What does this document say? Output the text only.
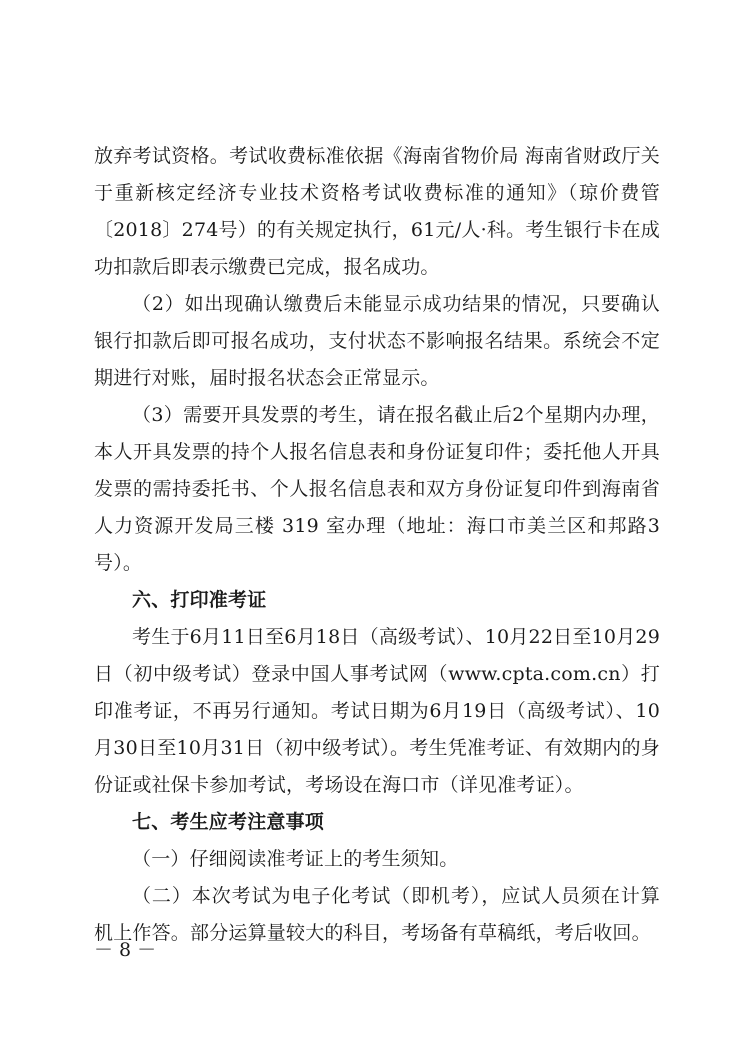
放弃考试资格。考试收费标准依据《海南省物价局 海南省财政厅关于重新核定经济专业技术资格考试收费标准的通知》（琼价费管〔2018〕274号）的有关规定执行，61元/人·科。考生银行卡在成功扣款后即表示缴费已完成，报名成功。

（2）如出现确认缴费后未能显示成功结果的情况，只要确认银行扣款后即可报名成功，支付状态不影响报名结果。系统会不定期进行对账，届时报名状态会正常显示。

（3）需要开具发票的考生，请在报名截止后2个星期内办理，本人开具发票的持个人报名信息表和身份证复印件；委托他人开具发票的需持委托书、个人报名信息表和双方身份证复印件到海南省人力资源开发局三楼 319 室办理（地址：海口市美兰区和邦路3号）。

六、打印准考证

考生于6月11日至6月18日（高级考试）、10月22日至10月29日（初中级考试）登录中国人事考试网（www.cpta.com.cn）打印准考证，不再另行通知。考试日期为6月19日（高级考试）、10月30日至10月31日（初中级考试）。考生凭准考证、有效期内的身份证或社保卡参加考试，考场设在海口市（详见准考证）。

七、考生应考注意事项

（一）仔细阅读准考证上的考生须知。

（二）本次考试为电子化考试（即机考），应试人员须在计算机上作答。部分运算量较大的科目，考场备有草稿纸，考后收回。

－ 8 －
